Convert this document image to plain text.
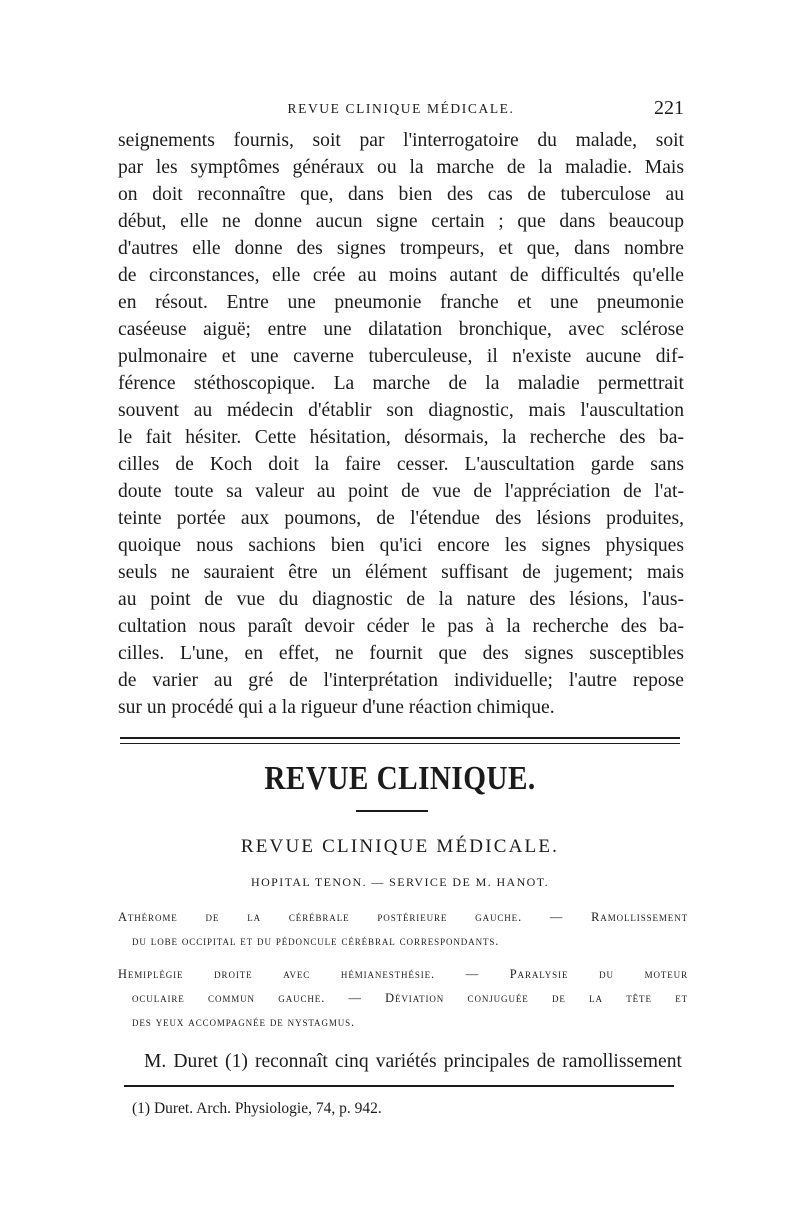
REVUE CLINIQUE MÉDICALE.	221

seignements fournis, soit par l'interrogatoire du malade, soit
par les symptômes généraux ou la marche de la maladie. Mais
on doit reconnaître que, dans bien des cas de tuberculose au
début, elle ne donne aucun signe certain ; que dans beaucoup
d'autres elle donne des signes trompeurs, et que, dans nombre
de circonstances, elle crée au moins autant de difficultés qu'elle
en résout. Entre une pneumonie franche et une pneumonie
caséeuse aiguë; entre une dilatation bronchique, avec sclérose
pulmonaire et une caverne tuberculeuse, il n'existe aucune dif-
férence stéthoscopique. La marche de la maladie permettrait
souvent au médecin d'établir son diagnostic, mais l'auscultation
le fait hésiter. Cette hésitation, désormais, la recherche des ba-
cilles de Koch doit la faire cesser. L'auscultation garde sans
doute toute sa valeur au point de vue de l'appréciation de l'at-
teinte portée aux poumons, de l'étendue des lésions produites,
quoique nous sachions bien qu'ici encore les signes physiques
seuls ne sauraient être un élément suffisant de jugement; mais
au point de vue du diagnostic de la nature des lésions, l'aus-
cultation nous paraît devoir céder le pas à la recherche des ba-
cilles. L'une, en effet, ne fournit que des signes susceptibles
de varier au gré de l'interprétation individuelle; l'autre repose
sur un procédé qui a la rigueur d'une réaction chimique.

REVUE CLINIQUE.
REVUE CLINIQUE MÉDICALE.
HOPITAL TENON. — SERVICE DE M. HANOT.

Athérome de la cérébrale postérieure gauche. — Ramollissement
du lobe occipital et du pédoncule cérébral correspondants.

Hemiplégie droite avec hémianesthésie. — Paralysie du moteur
oculaire commun gauche. — Déviation conjuguée de la tête et
des yeux accompagnée de nystagmus.

M. Duret (1) reconnaît cinq variétés principales de ramollissement

(1) Duret. Arch. Physiologie, 74, p. 942.
